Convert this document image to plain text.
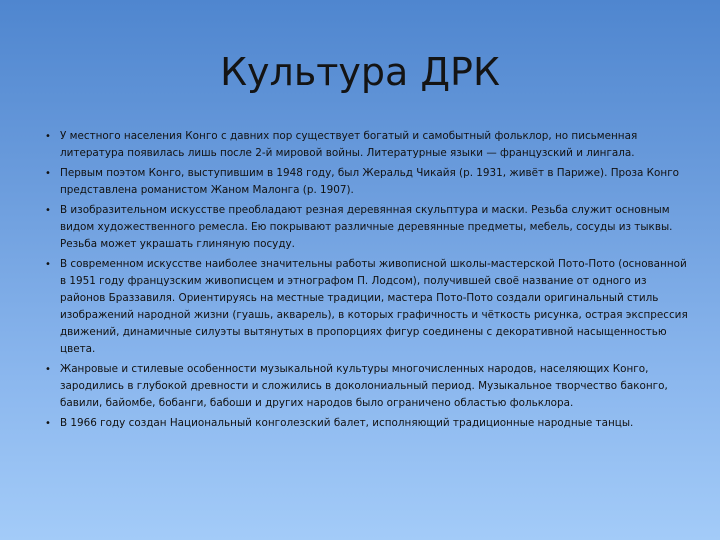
Культура ДРК
• У местного населения Конго с давних пор существует богатый и самобытный фольклор, но письменная литература появилась лишь после 2-й мировой войны. Литературные языки — французский и лингала.
• Первым поэтом Конго, выступившим в 1948 году, был Жеральд Чикайя (р. 1931, живёт в Париже). Проза Конго представлена романистом Жаном Малонга (р. 1907).
• В изобразительном искусстве преобладают резная деревянная скульптура и маски. Резьба служит основным видом художественного ремесла. Ею покрывают различные деревянные предметы, мебель, сосуды из тыквы. Резьба может украшать глиняную посуду.
• В современном искусстве наиболее значительны работы живописной школы-мастерской Пото-Пото (основанной в 1951 году французским живописцем и этнографом П. Лодсом), получившей своё название от одного из районов Браззавиля. Ориентируясь на местные традиции, мастера Пото-Пото создали оригинальный стиль изображений народной жизни (гуашь, акварель), в которых графичность и чёткость рисунка, острая экспрессия движений, динамичные силуэты вытянутых в пропорциях фигур соединены с декоративной насыщенностью цвета.
• Жанровые и стилевые особенности музыкальной культуры многочисленных народов, населяющих Конго, зародились в глубокой древности и сложились в доколониальный период. Музыкальное творчество баконго, бавили, байомбе, бобанги, бабоши и других народов было ограничено областью фольклора.
• В 1966 году создан Национальный конголезский балет, исполняющий традиционные народные танцы.
